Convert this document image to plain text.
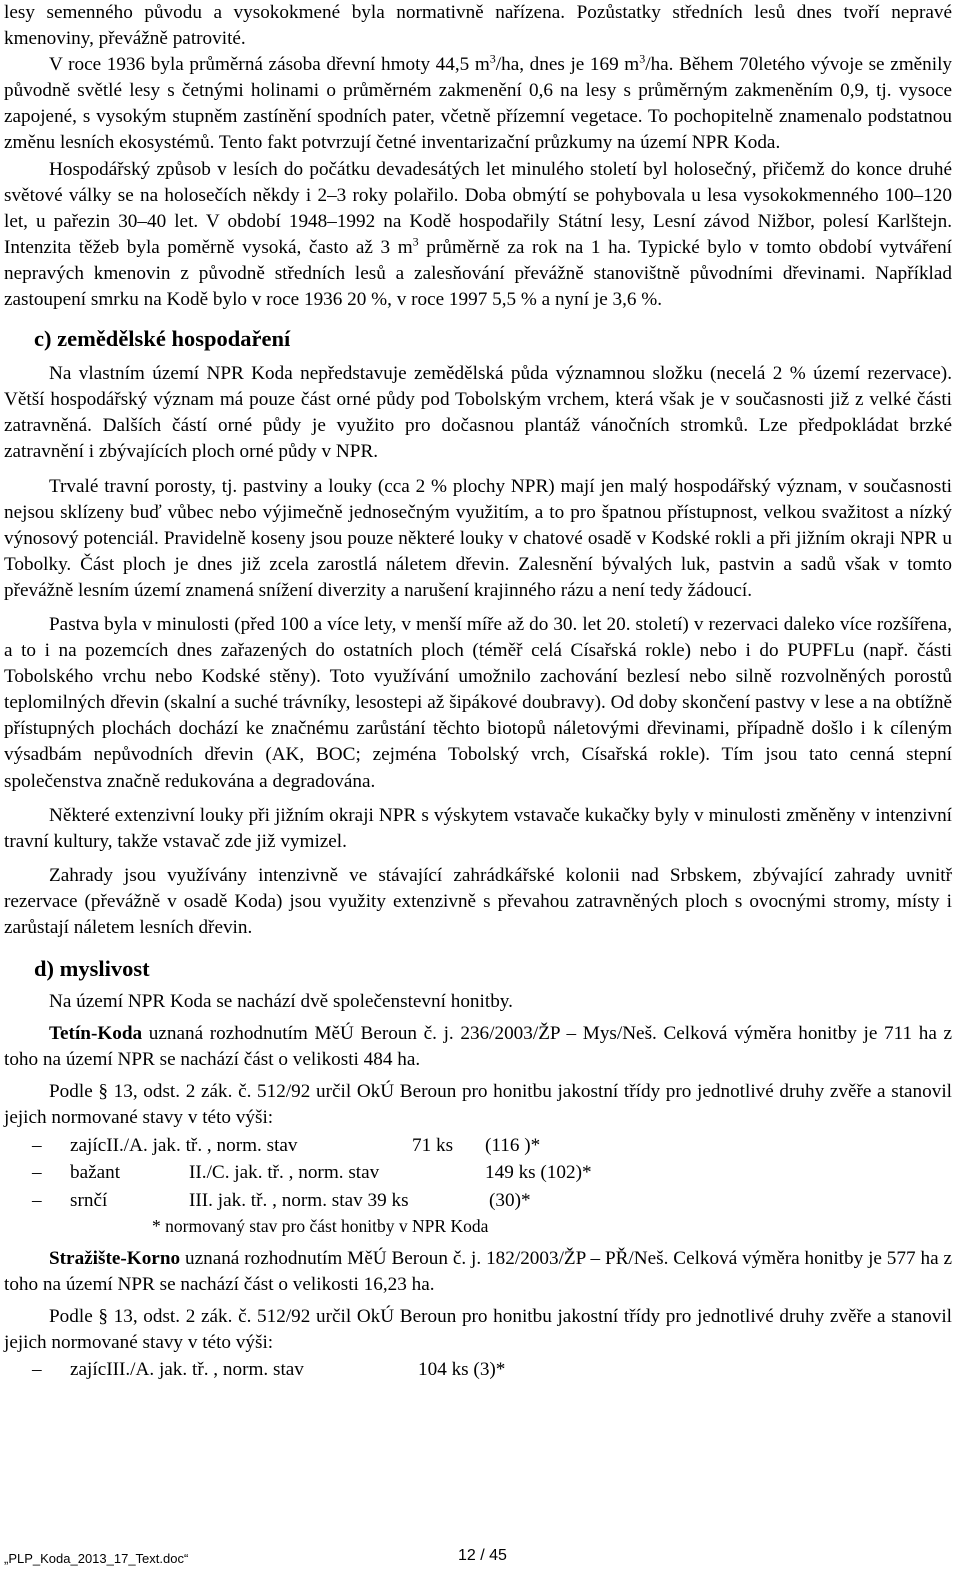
lesy semenného původu a vysokokmené byla normativně nařízena. Pozůstatky středních lesů dnes tvoří nepravé kmenoviny, převážně patrovité.

V roce 1936 byla průměrná zásoba dřevní hmoty 44,5 $m^3/ha$, dnes je 169 $m^3/ha$. Během 70letého vývoje se změnily původně světlé lesy s četnými holinami o průměrném zakmenění 0,6 na lesy s průměrným zakmeněním 0,9, tj. vysoce zapojené, s vysokým stupněm zastínění spodních pater, včetně přízemní vegetace. To pochopitelně znamenalo podstatnou změnu lesních ekosystémů. Tento fakt potvrzují četné inventarizační průzkumy na území NPR Koda.

Hospodářský způsob v lesích do počátku devadesátých let minulého století byl holosečný, přičemž do konce druhé světové války se na holosečích někdy i 2–3 roky polařilo. Doba obmýtí se pohybovala u lesa vysokokmenného 100–120 let, u pařezin 30–40 let. V období 1948–1992 na Kodě hospodařily Státní lesy, Lesní závod Nižbor, polesí Karlštejn. Intenzita těžeb byla poměrně vysoká, často až 3 $m^3$ průměrně za rok na 1 ha. Typické bylo v tomto období vytváření nepravých kmenovin z původně středních lesů a zalesňování převážně stanovištně původními dřevinami. Například zastoupení smrku na Kodě bylo v roce 1936 20 %, v roce 1997 5,5 % a nyní je 3,6 %.

c) zemědělské hospodaření

Na vlastním území NPR Koda nepředstavuje zemědělská půda významnou složku (necelá 2 % území rezervace). Větší hospodářský význam má pouze část orné půdy pod Tobolským vrchem, která však je v současnosti již z velké části zatravněná. Dalších částí orné půdy je využito pro dočasnou plantáž vánočních stromků. Lze předpokládat brzké zatravnění i zbývajících ploch orné půdy v NPR.

Trvalé travní porosty, tj. pastviny a louky (cca 2 % plochy NPR) mají jen malý hospodářský význam, v současnosti nejsou sklízeny buď vůbec nebo výjimečně jednosečným využitím, a to pro špatnou přístupnost, velkou svažitost a nízký výnosový potenciál. Pravidelně koseny jsou pouze některé louky v chatové osadě v Kodské rokli a při jižním okraji NPR u Tobolky. Část ploch je dnes již zcela zarostlá náletem dřevin. Zalesnění bývalých luk, pastvin a sadů však v tomto převážně lesním území znamená snížení diverzity a narušení krajinného rázu a není tedy žádoucí.

Pastva byla v minulosti (před 100 a více lety, v menší míře až do 30. let 20. století) v rezervaci daleko více rozšířena, a to i na pozemcích dnes zařazených do ostatních ploch (téměř celá Císařská rokle) nebo i do PUPFLu (např. části Tobolského vrchu nebo Kodské stěny). Toto využívání umožnilo zachování bezlesí nebo silně rozvolněných porostů teplomilných dřevin (skalní a suché trávníky, lesostepi až šipákové doubravy). Od doby skončení pastvy v lese a na obtížně přístupných plochách dochází ke značnému zarůstání těchto biotopů náletovými dřevinami, případně došlo i k cíleným výsadbám nepůvodních dřevin (AK, BOC; zejména Tobolský vrch, Císařská rokle). Tím jsou tato cenná stepní společenstva značně redukována a degradována.

Některé extenzivní louky při jižním okraji NPR s výskytem vstavače kukačky byly v minulosti změněny v intenzivní travní kultury, takže vstavač zde již vymizel.

Zahrady jsou využívány intenzivně ve stávající zahrádkářské kolonii nad Srbskem, zbývající zahrady uvnitř rezervace (převážně v osadě Koda) jsou využity extenzivně s převahou zatravněných ploch s ovocnými stromy, místy i zarůstají náletem lesních dřevin.

d) myslivost

Na území NPR Koda se nachází dvě společenstevní honitby.

Tetín-Koda uznaná rozhodnutím MěÚ Beroun č. j. 236/2003/ŽP – Mys/Neš. Celková výměra honitby je 711 ha z toho na území NPR se nachází část o velikosti 484 ha.

Podle § 13, odst. 2 zák. č. 512/92 určil OkÚ Beroun pro honitbu jakostní třídy pro jednotlivé druhy zvěře a stanovil jejich normované stavy v této výši:

–	zajícII./A. jak. tř. , norm. stav	71 ks	(116 )*
–	bažant	II./C. jak. tř. , norm. stav	149 ks (102)*
–	srnčí	III. jak. tř. , norm. stav 39 ks	(30)*

* normovaný stav pro část honitby v NPR Koda

Stražište-Korno uznaná rozhodnutím MěÚ Beroun č. j. 182/2003/ŽP – PŘ/Neš. Celková výměra honitby je 577 ha z toho na území NPR se nachází část o velikosti 16,23 ha.

Podle § 13, odst. 2 zák. č. 512/92 určil OkÚ Beroun pro honitbu jakostní třídy pro jednotlivé druhy zvěře a stanovil jejich normované stavy v této výši:

–	zajícIII./A. jak. tř. , norm. stav	104 ks (3)*
„PLP_Koda_2013_17_Text.doc“	12 / 45
